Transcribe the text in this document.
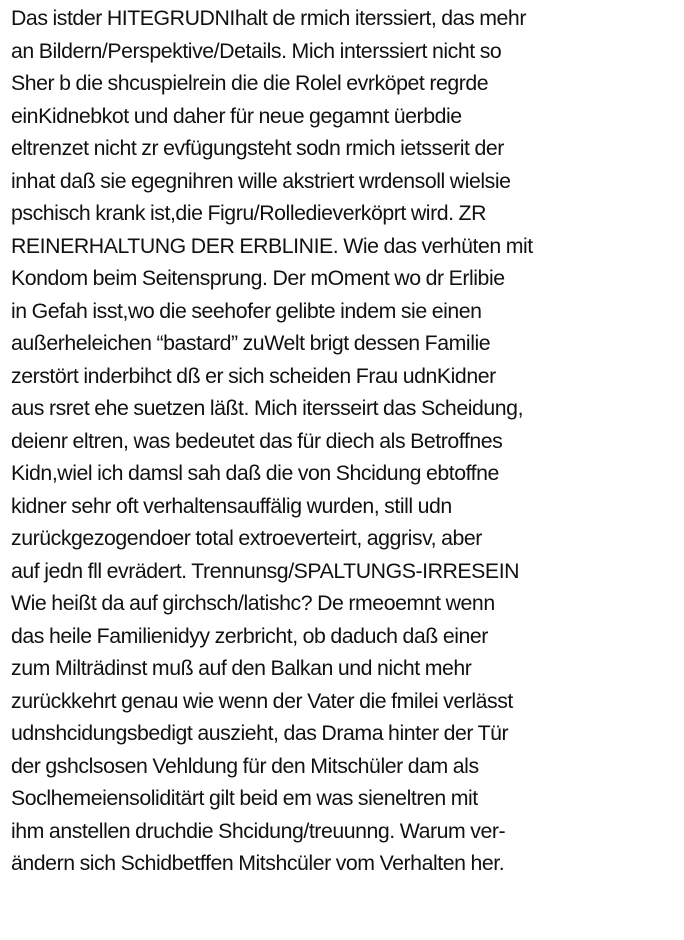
Das istder HITEGRUDNIhalt de rmich iterssiert, das mehr
an Bildern/Perspektive/Details. Mich interssiert nicht so
Sher b die shcuspielrein die die Rolel evrköpet regrde
einKidnebkot und daher für neue gegamnt üerbdie
eltrenzet nicht zr evfügungsteht sodn rmich ietsserit der
inhat daß sie egegnihren wille akstriert wrdensoll wielsie
pschisch krank ist,die Figru/Rolledieverköprt wird. ZR
REINERHALTUNG DER ERBLINIE. Wie das verhüten mit
Kondom beim Seitensprung. Der mOment wo dr Erlibie
in Gefah isst,wo die seehofer gelibte indem sie einen
außerheleichen “bastard” zuWelt brigt dessen Familie
zerstört inderbihct dß er sich scheiden Frau udnKidner
aus rsret ehe suetzen läßt. Mich itersseirt das Scheidung,
deienr eltren, was bedeutet das für diech als Betroffnes
Kidn,wiel ich damsl sah daß die von Shcidung ebtoffne
kidner sehr oft verhaltensauffälig wurden, still udn
zurückgezogendoer total extroeverteirt, aggrisv, aber
auf jedn fll evrädert. Trennunsg/SPALTUNGS-IRRESEIN
Wie heißt da auf girchsch/latishc? De rmeoemnt wenn
das heile Familienidyy zerbricht, ob daduch daß einer
zum Milträdinst muß auf den Balkan und nicht mehr
zurückkehrt genau wie wenn der Vater die fmilei verlässt
udnshcidungsbedigt auszieht, das Drama hinter der Tür
der gshclsosen Vehldung für den Mitschüler dam als
Soclhemeiensoliditärt gilt beid em was sieneltren mit
ihm anstellen druchdie Shcidung/treuunng. Warum ver-
ändern sich Schidbetffen Mitshcüler vom Verhalten her.
